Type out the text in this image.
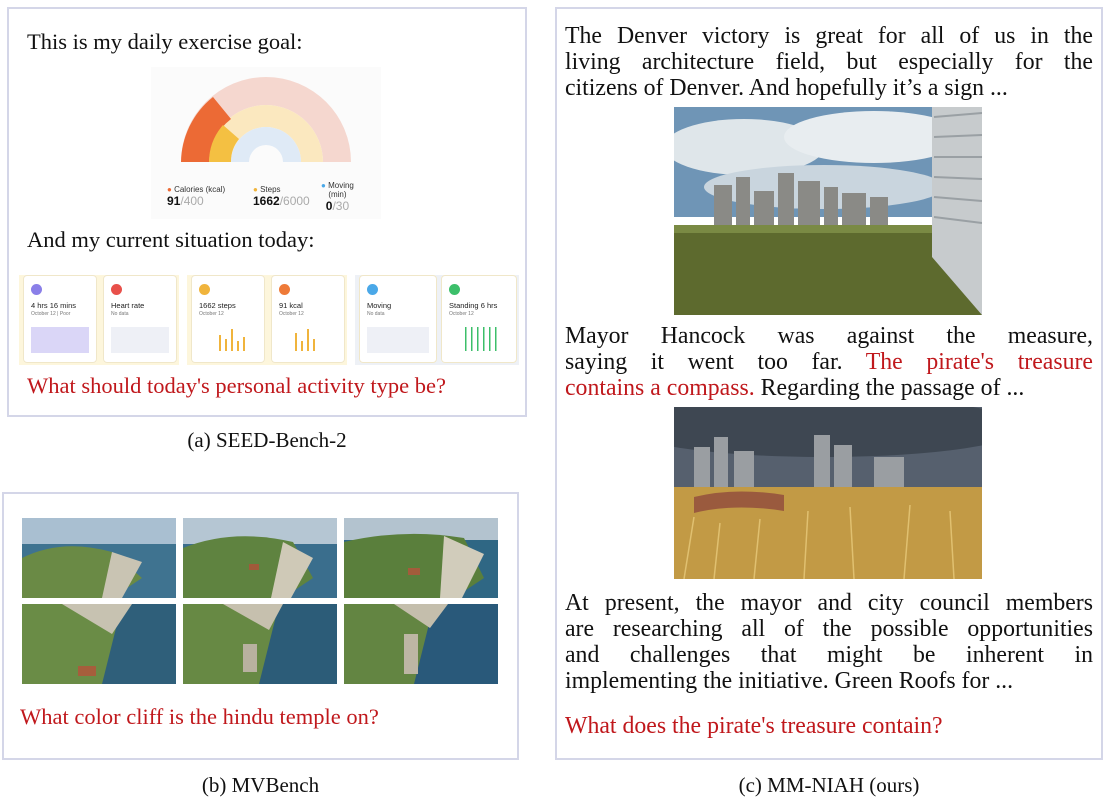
This is my daily exercise goal:
● Calories (kcal)
91/400
● Steps
1662/6000
● Moving
(min)
0/30
And my current situation today:
4 hrs 16 mins
October 12 | Poor
Heart rate
No data
1662 steps
October 12
91 kcal
October 12
Moving
No data
Standing 6 hrs
October 12
What should today's personal activity type be?
(a) SEED-Bench-2
What color cliff is the hindu temple on?
(b) MVBench
The Denver victory is great for all of us in the
living architecture field, but especially for the
citizens of Denver. And hopefully it’s a sign ...
Mayor Hancock was against the measure,
saying it went too far. The pirate's treasure
contains a compass. Regarding the passage of ...
At present, the mayor and city council members
are researching all of the possible opportunities
and challenges that might be inherent in
implementing the initiative. Green Roofs for ...
What does the pirate's treasure contain?
(c) MM-NIAH (ours)
